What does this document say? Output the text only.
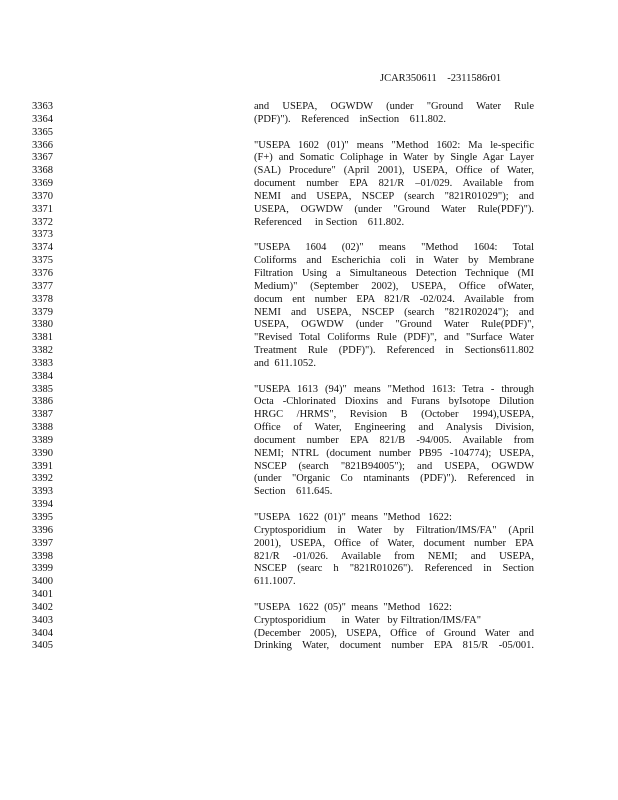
JCAR350611 -2311586r01
3363
3364
3365
3366
3367
3368
3369
3370
3371
3372
3373
3374
3375
3376
3377
3378
3379
3380
3381
3382
3383
3384
3385
3386
3387
3388
3389
3390
3391
3392
3393
3394
3395
3396
3397
3398
3399
3400
3401
3402
3403
3404
3405
and USEPA, OGWDW (under "Ground Water Rule
(PDF)").    Referenced    inSection    611.802.
"USEPA 1602 (01)" means "Method 1602: Ma le-specific
(F+) and Somatic Coliphage in Water by Single Agar Layer
(SAL) Procedure" (April 2001), USEPA, Office of Water,
document number EPA 821/R –01/029. Available from
NEMI and USEPA, NSCEP (search "821R01029"); and
USEPA, OGWDW (under "Ground Water Rule(PDF)").
Referenced     in Section    611.802.
"USEPA 1604 (02)" means "Method 1604: Total
Coliforms and Escherichia coli in Water by Membrane
Filtration Using a Simultaneous Detection Technique (MI
Medium)" (September 2002), USEPA, Office ofWater,
docum ent number EPA 821/R -02/024. Available from
NEMI and USEPA, NSCEP (search "821R02024"); and
USEPA, OGWDW (under "Ground Water Rule(PDF)",
"Revised Total Coliforms Rule (PDF)", and "Surface Water
Treatment Rule (PDF)"). Referenced in Sections611.802
and  611.1052.
"USEPA 1613 (94)" means "Method 1613: Tetra - through
Octa -Chlorinated Dioxins and Furans byIsotope Dilution
HRGC /HRMS", Revision B (October 1994),USEPA,
Office of Water, Engineering and Analysis Division,
document number EPA 821/B -94/005. Available from
NEMI; NTRL (document number PB95 -104774); USEPA,
NSCEP (search "821B94005"); and USEPA, OGWDW
(under "Organic Co ntaminants (PDF)"). Referenced in
Section    611.645.
"USEPA   1622  (01)"  means  "Method   1622:
Cryptosporidium in Water by Filtration/IMS/FA" (April
2001), USEPA, Office of Water, document number EPA
821/R -01/026. Available from NEMI; and USEPA,
NSCEP (searc h "821R01026"). Referenced in Section
611.1007.
"USEPA   1622  (05)"  means  "Method   1622:
Cryptosporidium      in  Water   by Filtration/IMS/FA"
(December 2005), USEPA, Office of Ground Water and
Drinking Water, document number EPA 815/R -05/001.
